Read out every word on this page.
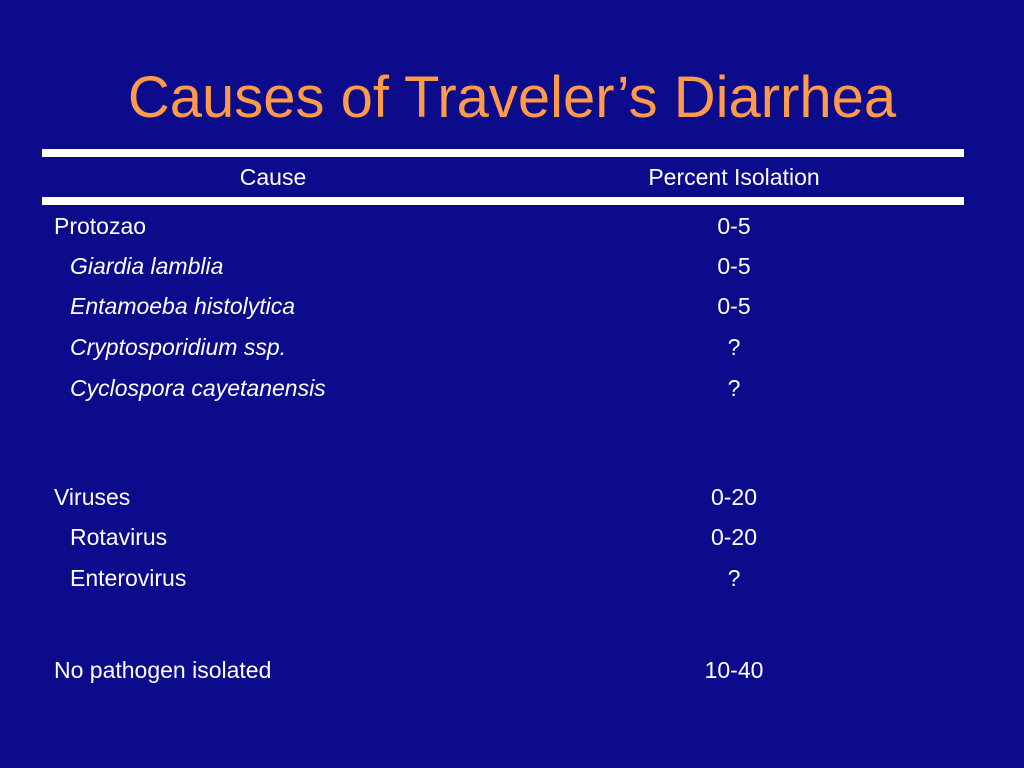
Causes of Traveler’s Diarrhea
Cause	Percent Isolation
Protozao	0-5
Giardia lamblia	0-5
Entamoeba histolytica	0-5
Cryptosporidium ssp.	?
Cyclospora cayetanensis	?
Viruses	0-20
Rotavirus	0-20
Enterovirus	?
No pathogen isolated	10-40
